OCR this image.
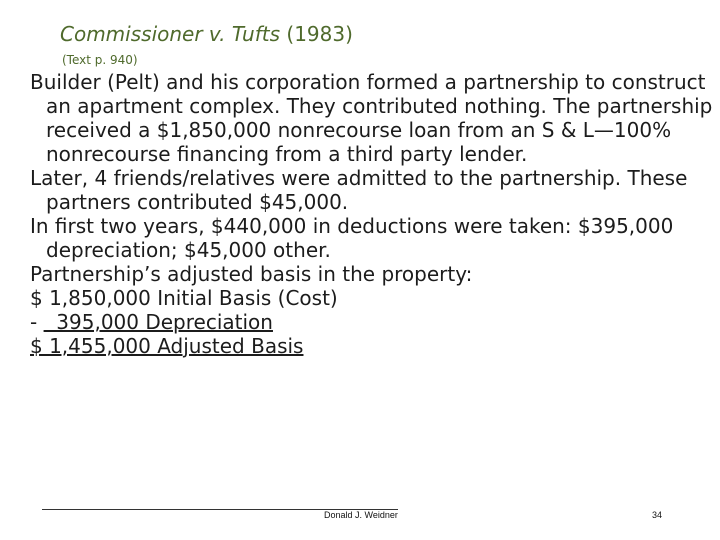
Commissioner v. Tufts (1983)
(Text p. 940)

Builder (Pelt) and his corporation formed a partnership to construct an apartment complex. They contributed nothing. The partnership received a $1,850,000 nonrecourse loan from an S & L—100% nonrecourse financing from a third party lender.

Later, 4 friends/relatives were admitted to the partnership. These partners contributed $45,000.

In first two years, $440,000 in deductions were taken: $395,000 depreciation; $45,000 other.

Partnership’s adjusted basis in the property:

$ 1,850,000 Initial Basis (Cost)
-   395,000 Depreciation
$ 1,455,000 Adjusted Basis
Donald J. Weidner	34
